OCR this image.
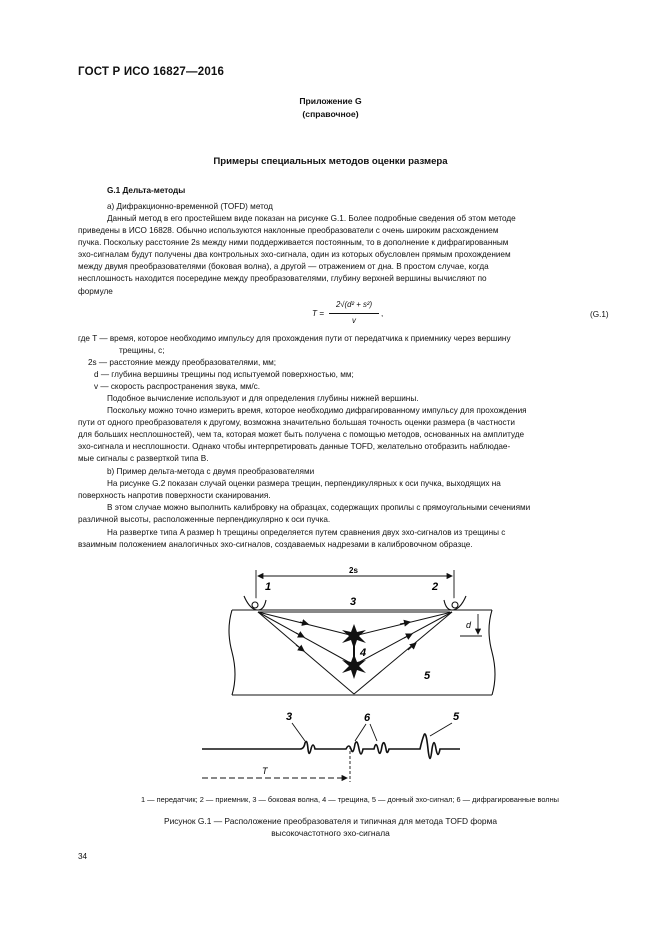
ГОСТ Р ИСО 16827—2016
Приложение G
(справочное)
Примеры специальных методов оценки размера
G.1 Дельта-методы
a) Дифракционно-временной (TOFD) метод
Данный метод в его простейшем виде показан на рисунке G.1. Более подробные сведения об этом методе
приведены в ИСО 16828. Обычно используются наклонные преобразователи с очень широким расхождением
пучка. Поскольку расстояние 2s между ними поддерживается постоянным, то в дополнение к дифрагированным
эхо-сигналам будут получены два контрольных эхо-сигнала, один из которых обусловлен прямым прохождением
между двумя преобразователями (боковая волна), а другой — отражением от дна. В простом случае, когда
несплошность находится посередине между преобразователями, глубину верхней вершины вычисляют по
формуле
T =
2√(d² + s²)
v
,	(G.1)
где T — время, которое необходимо импульсу для прохождения пути от передатчика к приемнику через вершину
трещины, с;
2s — расстояние между преобразователями, мм;
d — глубина вершины трещины под испытуемой поверхностью, мм;
v — скорость распространения звука, мм/с.
Подобное вычисление используют и для определения глубины нижней вершины.
Поскольку можно точно измерить время, которое необходимо дифрагированному импульсу для прохождения
пути от одного преобразователя к другому, возможна значительно большая точность оценки размера (в частности
для больших несплошностей), чем та, которая может быть получена с помощью методов, основанных на амплитуде
эхо-сигнала и несплошности. Однако чтобы интерпретировать данные TOFD, желательно отобразить наблюдае-
мые сигналы с разверткой типа B.
b) Пример дельта-метода с двумя преобразователями
На рисунке G.2 показан случай оценки размера трещин, перпендикулярных к оси пучка, выходящих на
поверхность напротив поверхности сканирования.
В этом случае можно выполнить калибровку на образцах, содержащих пропилы с прямоугольными сечениями
различной высоты, расположенные перпендикулярно к оси пучка.
На развертке типа A размер h трещины определяется путем сравнения двух эхо-сигналов из трещины с
взаимным положением аналогичных эхо-сигналов, создаваемых надрезами в калибровочном образце.
2s
1	2
3
4
5
d
3	6	5
T
1 — передатчик; 2 — приемник, 3 — боковая волна, 4 — трещина, 5 — донный эхо-сигнал; 6 — дифрагированные волны
Рисунок G.1 — Расположение преобразователя и типичная для метода TOFD форма
высокочастотного эхо-сигнала
34
